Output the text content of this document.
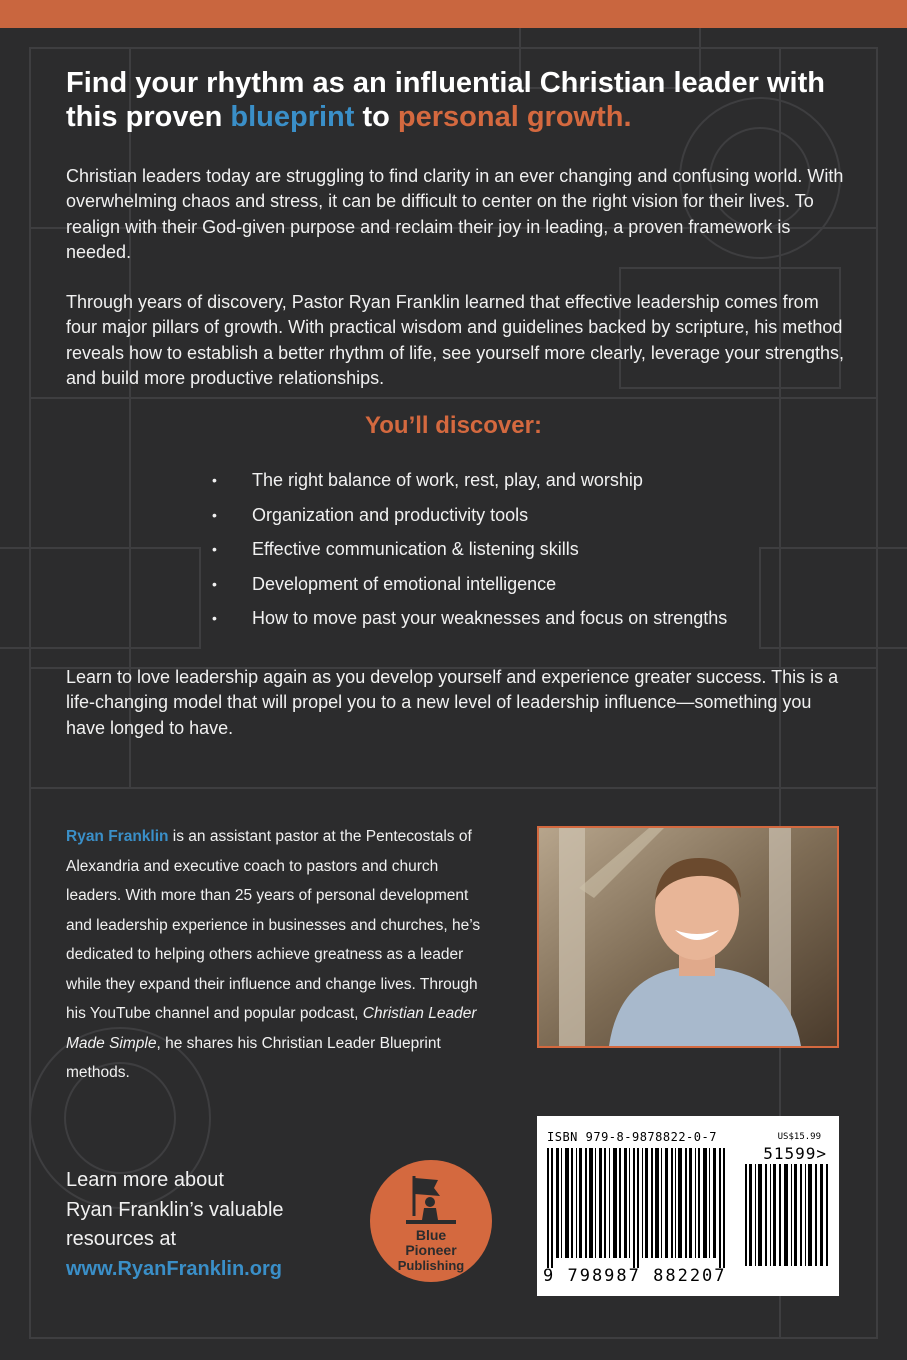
Find your rhythm as an influential Christian leader with
this proven blueprint to personal growth.

Christian leaders today are struggling to find clarity in an ever changing and confusing world. With overwhelming chaos and stress, it can be difficult to center on the right vision for their lives. To realign with their God-given purpose and reclaim their joy in leading, a proven framework is needed.

Through years of discovery, Pastor Ryan Franklin learned that effective leadership comes from four major pillars of growth. With practical wisdom and guidelines backed by scripture, his method reveals how to establish a better rhythm of life, see yourself more clearly, leverage your strengths, and build more productive relationships.

You’ll discover:
• The right balance of work, rest, play, and worship
• Organization and productivity tools
• Effective communication & listening skills
• Development of emotional intelligence
• How to move past your weaknesses and focus on strengths

Learn to love leadership again as you develop yourself and experience greater success. This is a life-changing model that will propel you to a new level of leadership influence—something you have longed to have.

Ryan Franklin is an assistant pastor at the Pentecostals of Alexandria and executive coach to pastors and church leaders. With more than 25 years of personal development and leadership experience in businesses and churches, he’s dedicated to helping others achieve greatness as a leader while they expand their influence and change lives. Through his YouTube channel and popular podcast, Christian Leader Made Simple, he shares his Christian Leader Blueprint methods.

Learn more about
Ryan Franklin’s valuable
resources at
www.RyanFranklin.org

Blue
Pioneer
Publishing
ISBN 979-8-9878822-0-7	US$15.99
51599>
9 798987 882207
